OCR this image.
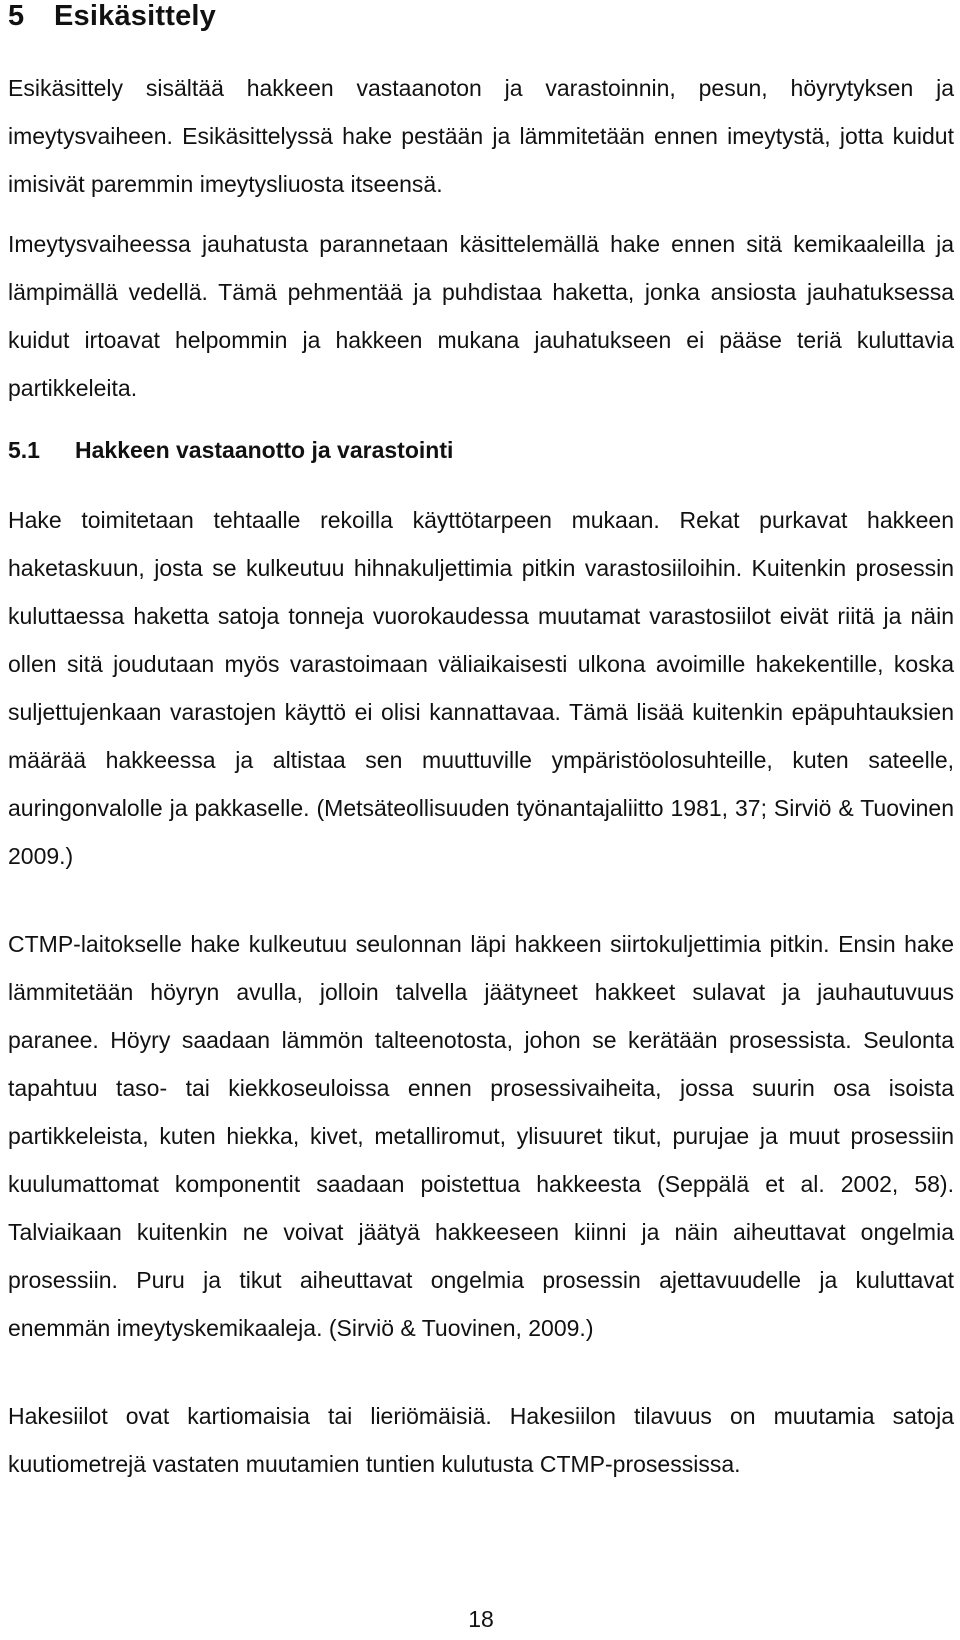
5 Esikäsittely

Esikäsittely sisältää hakkeen vastaanoton ja varastoinnin, pesun, höyrytyksen ja imeytysvaiheen. Esikäsittelyssä hake pestään ja lämmitetään ennen imeytystä, jotta kuidut imisivät paremmin imeytysliuosta itseensä.

Imeytysvaiheessa jauhatusta parannetaan käsittelemällä hake ennen sitä kemikaaleilla ja lämpimällä vedellä. Tämä pehmentää ja puhdistaa haketta, jonka ansiosta jauhatuksessa kuidut irtoavat helpommin ja hakkeen mukana jauhatukseen ei pääse teriä kuluttavia partikkeleita.

5.1 Hakkeen vastaanotto ja varastointi

Hake toimitetaan tehtaalle rekoilla käyttötarpeen mukaan. Rekat purkavat hakkeen haketaskuun, josta se kulkeutuu hihnakuljettimia pitkin varastosiiloihin. Kuitenkin prosessin kuluttaessa haketta satoja tonneja vuorokaudessa muutamat varastosiilot eivät riitä ja näin ollen sitä joudutaan myös varastoimaan väliaikaisesti ulkona avoimille hakekentille, koska suljettujenkaan varastojen käyttö ei olisi kannattavaa. Tämä lisää kuitenkin epäpuhtauksien määrää hakkeessa ja altistaa sen muuttuville ympäristöolosuhteille, kuten sateelle, auringonvalolle ja pakkaselle. (Metsäteollisuuden työnantajaliitto 1981, 37; Sirviö & Tuovinen 2009.)

CTMP-laitokselle hake kulkeutuu seulonnan läpi hakkeen siirtokuljettimia pitkin. Ensin hake lämmitetään höyryn avulla, jolloin talvella jäätyneet hakkeet sulavat ja jauhautuvuus paranee. Höyry saadaan lämmön talteenotosta, johon se kerätään prosessista. Seulonta tapahtuu taso- tai kiekkoseuloissa ennen prosessivaiheita, jossa suurin osa isoista partikkeleista, kuten hiekka, kivet, metalliromut, ylisuuret tikut, purujae ja muut prosessiin kuulumattomat komponentit saadaan poistettua hakkeesta (Seppälä et al. 2002, 58). Talviaikaan kuitenkin ne voivat jäätyä hakkeeseen kiinni ja näin aiheuttavat ongelmia prosessiin. Puru ja tikut aiheuttavat ongelmia prosessin ajettavuudelle ja kuluttavat enemmän imeytyskemikaaleja. (Sirviö & Tuovinen, 2009.)

Hakesiilot ovat kartiomaisia tai lieriömäisiä. Hakesiilon tilavuus on muutamia satoja kuutiometrejä vastaten muutamien tuntien kulutusta CTMP-prosessissa.

18
